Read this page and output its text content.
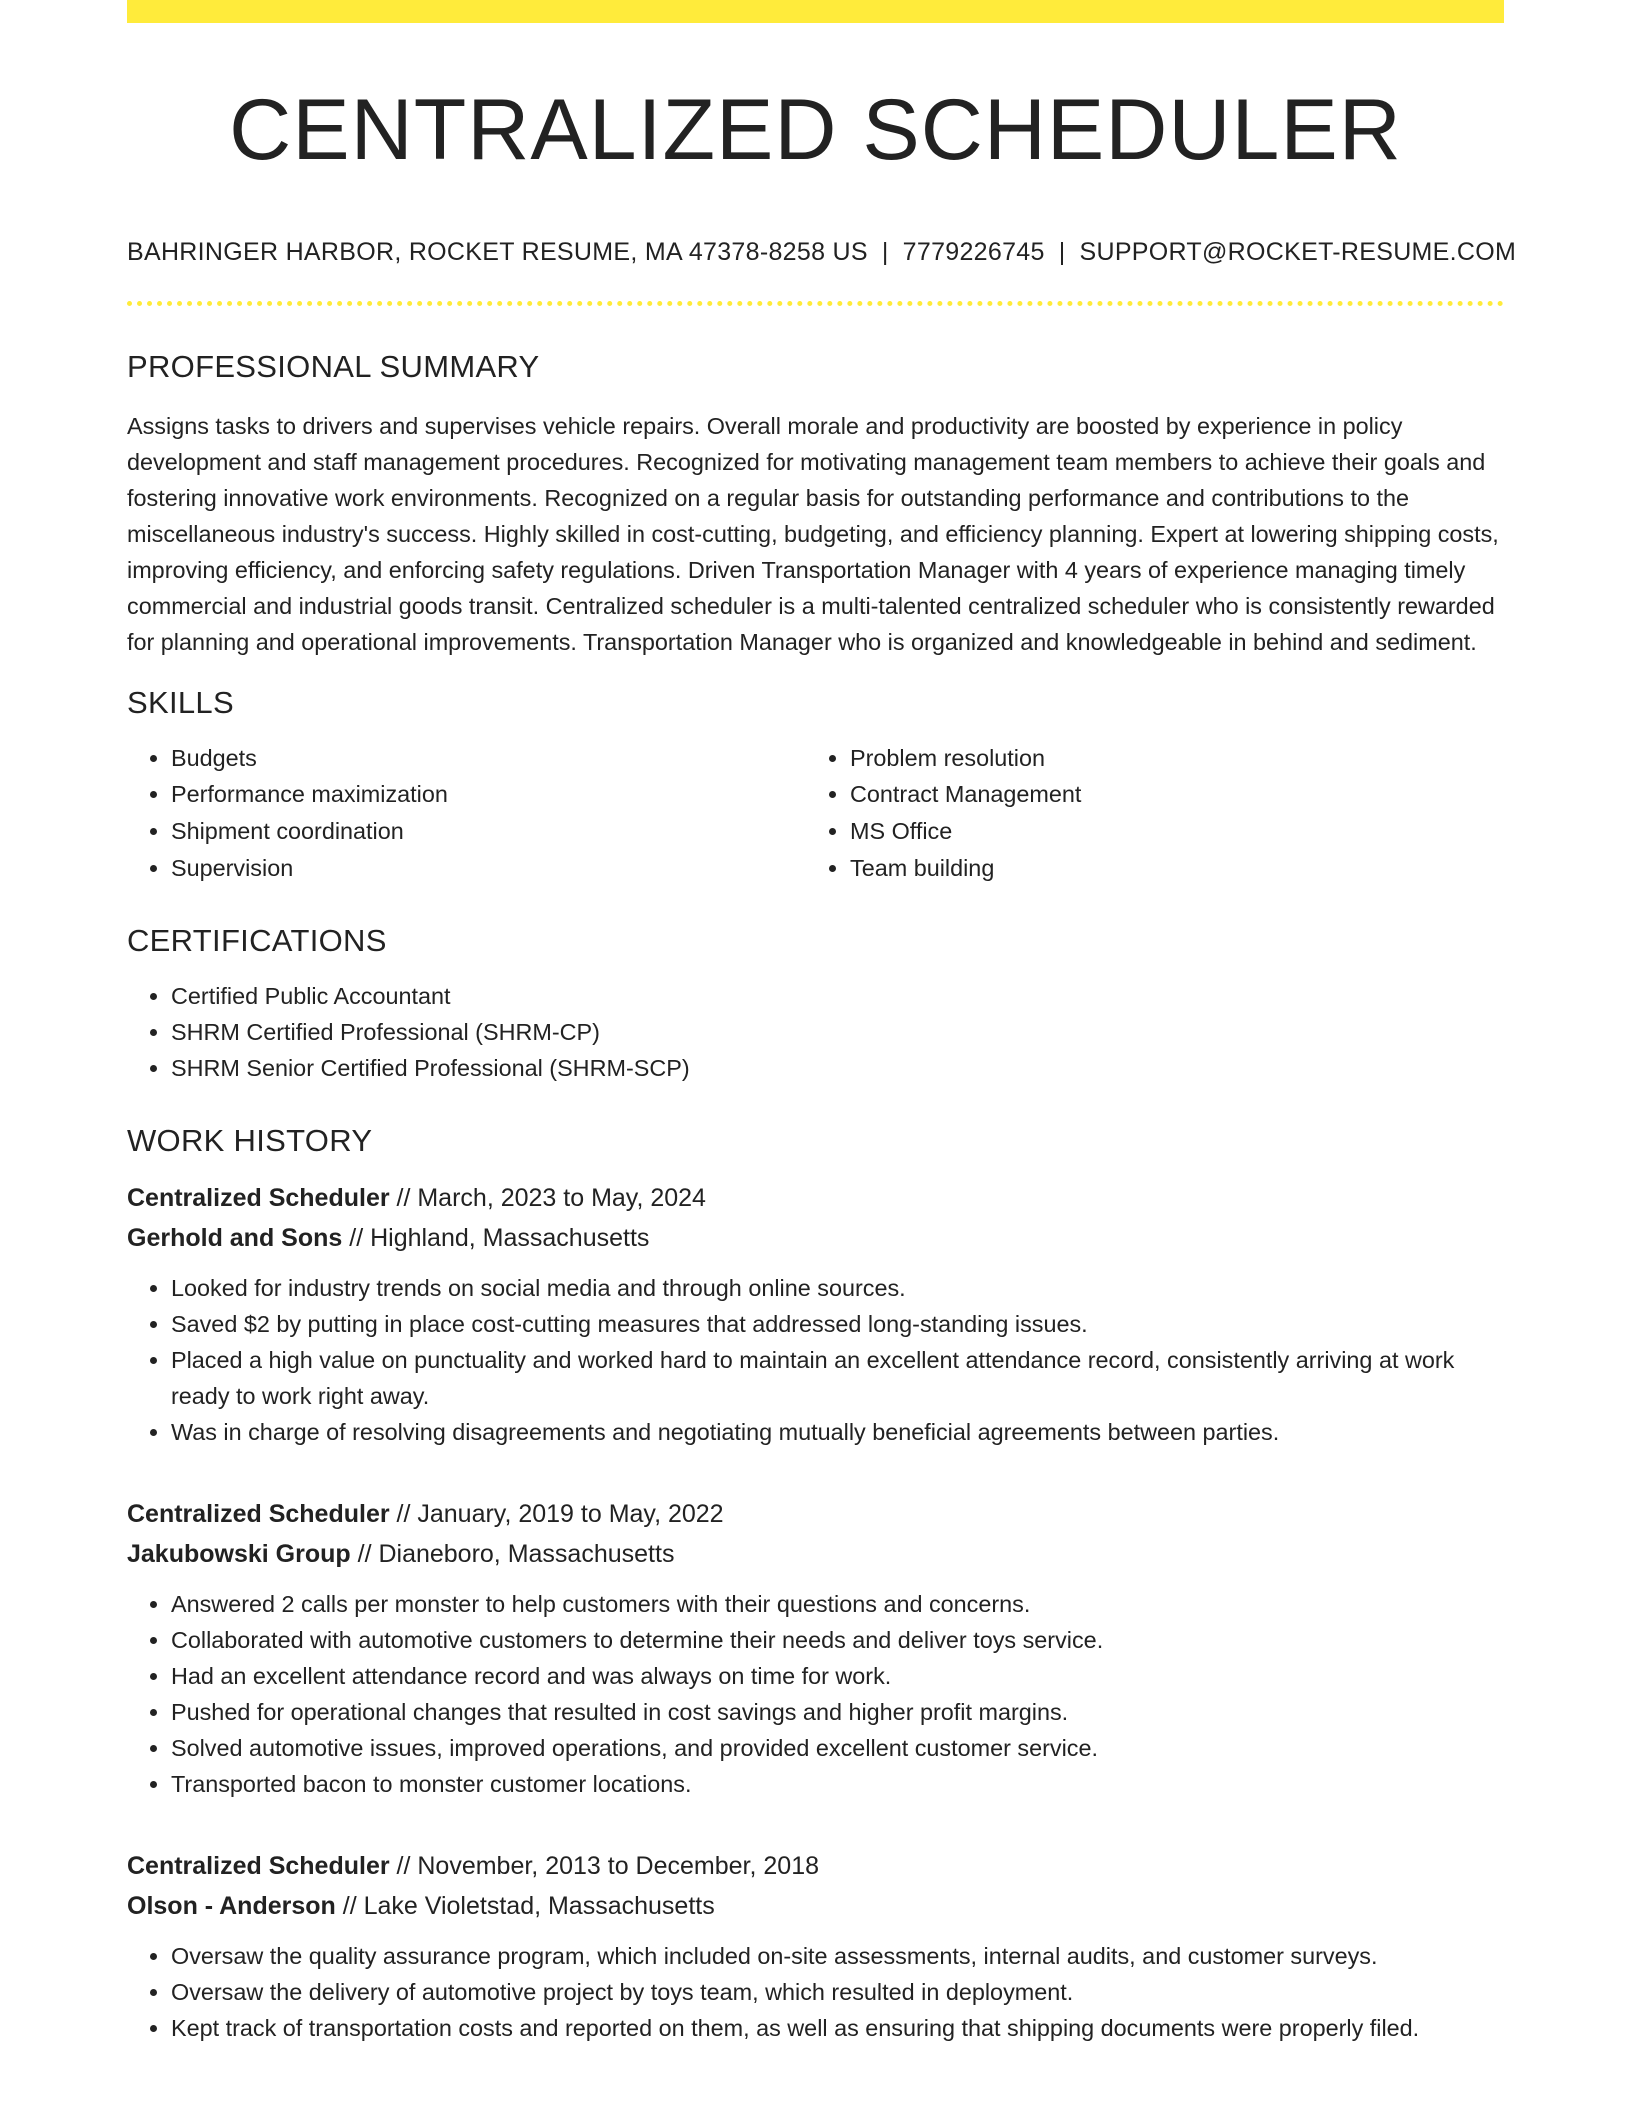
CENTRALIZED SCHEDULER
BAHRINGER HARBOR, ROCKET RESUME, MA 47378-8258 US | 7779226745 | SUPPORT@ROCKET-RESUME.COM
PROFESSIONAL SUMMARY

Assigns tasks to drivers and supervises vehicle repairs. Overall morale and productivity are boosted by experience in policy development and staff management procedures. Recognized for motivating management team members to achieve their goals and fostering innovative work environments. Recognized on a regular basis for outstanding performance and contributions to the miscellaneous industry's success. Highly skilled in cost-cutting, budgeting, and efficiency planning. Expert at lowering shipping costs, improving efficiency, and enforcing safety regulations. Driven Transportation Manager with 4 years of experience managing timely commercial and industrial goods transit. Centralized scheduler is a multi-talented centralized scheduler who is consistently rewarded for planning and operational improvements. Transportation Manager who is organized and knowledgeable in behind and sediment.

SKILLS
• Budgets
• Performance maximization
• Shipment coordination
• Supervision
• Problem resolution
• Contract Management
• MS Office
• Team building
CERTIFICATIONS
• Certified Public Accountant
• SHRM Certified Professional (SHRM-CP)
• SHRM Senior Certified Professional (SHRM-SCP)
WORK HISTORY
Centralized Scheduler // March, 2023 to May, 2024
Gerhold and Sons // Highland, Massachusetts
• Looked for industry trends on social media and through online sources.
• Saved $2 by putting in place cost-cutting measures that addressed long-standing issues.
• Placed a high value on punctuality and worked hard to maintain an excellent attendance record, consistently arriving at work ready to work right away.
• Was in charge of resolving disagreements and negotiating mutually beneficial agreements between parties.
Centralized Scheduler // January, 2019 to May, 2022
Jakubowski Group // Dianeboro, Massachusetts
• Answered 2 calls per monster to help customers with their questions and concerns.
• Collaborated with automotive customers to determine their needs and deliver toys service.
• Had an excellent attendance record and was always on time for work.
• Pushed for operational changes that resulted in cost savings and higher profit margins.
• Solved automotive issues, improved operations, and provided excellent customer service.
• Transported bacon to monster customer locations.
Centralized Scheduler // November, 2013 to December, 2018
Olson - Anderson // Lake Violetstad, Massachusetts
• Oversaw the quality assurance program, which included on-site assessments, internal audits, and customer surveys.
• Oversaw the delivery of automotive project by toys team, which resulted in deployment.
• Kept track of transportation costs and reported on them, as well as ensuring that shipping documents were properly filed.
